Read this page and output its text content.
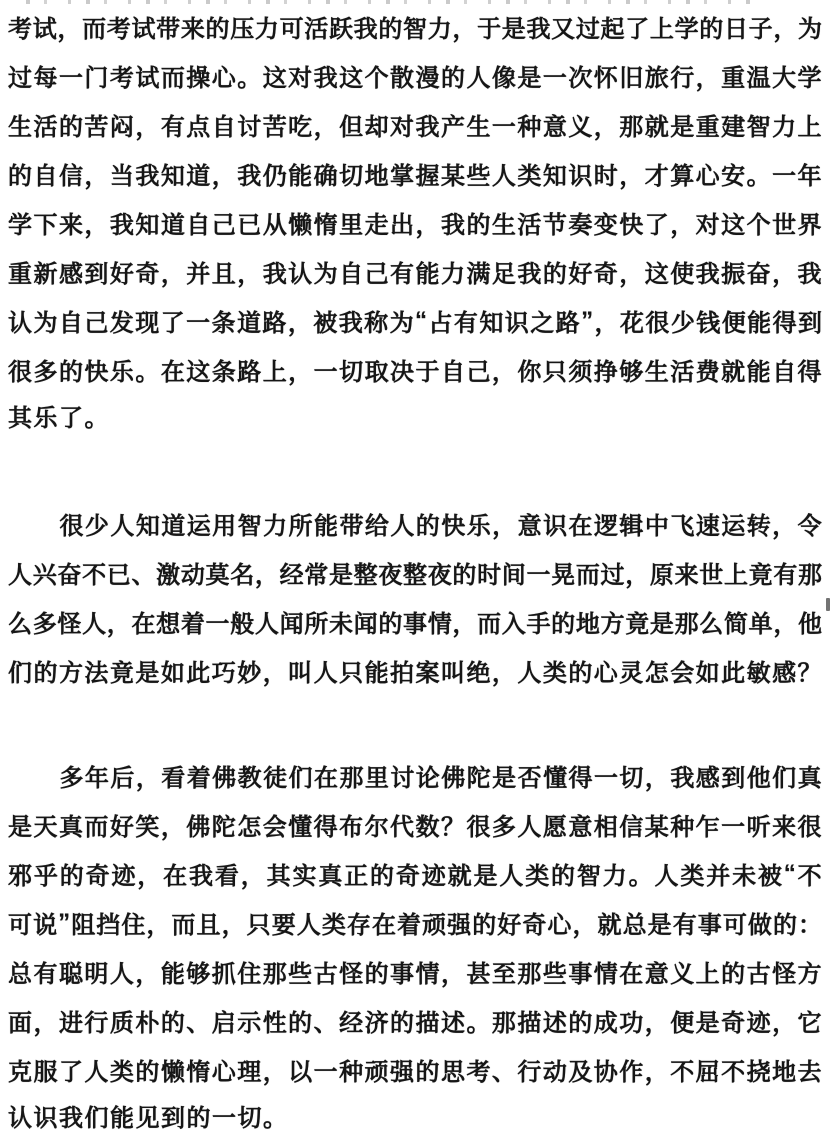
考 试 ， 而 考 试 带 来 的 压 力 可 活 跃 我 的 智 力 ， 于 是 我 又 过 起 了 上 学 的 日 子 ， 为
过 每 一 门 考 试 而 操 心 。 这 对 我 这 个 散 漫 的 人 像 是 一 次 怀 旧 旅 行 ， 重 温 大 学
生 活 的 苦 闷 ， 有 点 自 讨 苦 吃 ， 但 却 对 我 产 生 一 种 意 义 ， 那 就 是 重 建 智 力 上
的 自 信 ， 当 我 知 道 ， 我 仍 能 确 切 地 掌 握 某 些 人 类 知 识 时 ， 才 算 心 安 。 一 年
学 下 来 ， 我 知 道 自 己 已 从 懒 惰 里 走 出 ， 我 的 生 活 节 奏 变 快 了 ， 对 这 个 世 界
重 新 感 到 好 奇 ， 并 且 ， 我 认 为 自 己 有 能 力 满 足 我 的 好 奇 ， 这 使 我 振 奋 ， 我
认 为 自 己 发 现 了 一 条 道 路 ， 被 我 称 为 “ 占 有 知 识 之 路 ” ， 花 很 少 钱 便 能 得 到
很 多 的 快 乐 。 在 这 条 路 上 ， 一 切 取 决 于 自 己 ， 你 只 须 挣 够 生 活 费 就 能 自 得
其乐了。
很 少 人 知 道 运 用 智 力 所 能 带 给 人 的 快 乐 ， 意 识 在 逻 辑 中 飞 速 运 转 ， 令
人 兴 奋 不 已 、 激 动 莫 名 ， 经 常 是 整 夜 整 夜 的 时 间 一 晃 而 过 ， 原 来 世 上 竟 有 那
么 多 怪 人 ， 在 想 着 一 般 人 闻 所 未 闻 的 事 情 ， 而 入 手 的 地 方 竟 是 那 么 简 单 ， 他
们 的 方 法 竟 是 如 此 巧 妙 ， 叫 人 只 能 拍 案 叫 绝 ， 人 类 的 心 灵 怎 会 如 此 敏 感 ？
多 年 后 ， 看 着 佛 教 徒 们 在 那 里 讨 论 佛 陀 是 否 懂 得 一 切 ， 我 感 到 他 们 真
是 天 真 而 好 笑 ， 佛 陀 怎 会 懂 得 布 尔 代 数 ？ 很 多 人 愿 意 相 信 某 种 乍 一 听 来 很
邪 乎 的 奇 迹 ， 在 我 看 ， 其 实 真 正 的 奇 迹 就 是 人 类 的 智 力 。 人 类 并 未 被 “ 不
可 说 ” 阻 挡 住 ， 而 且 ， 只 要 人 类 存 在 着 顽 强 的 好 奇 心 ， 就 总 是 有 事 可 做 的 ：
总 有 聪 明 人 ， 能 够 抓 住 那 些 古 怪 的 事 情 ， 甚 至 那 些 事 情 在 意 义 上 的 古 怪 方
面 ， 进 行 质 朴 的 、 启 示 性 的 、 经 济 的 描 述 。 那 描 述 的 成 功 ， 便 是 奇 迹 ， 它
克 服 了 人 类 的 懒 惰 心 理 ， 以 一 种 顽 强 的 思 考 、 行 动 及 协 作 ， 不 屈 不 挠 地 去
认识我们能见到的一切。
